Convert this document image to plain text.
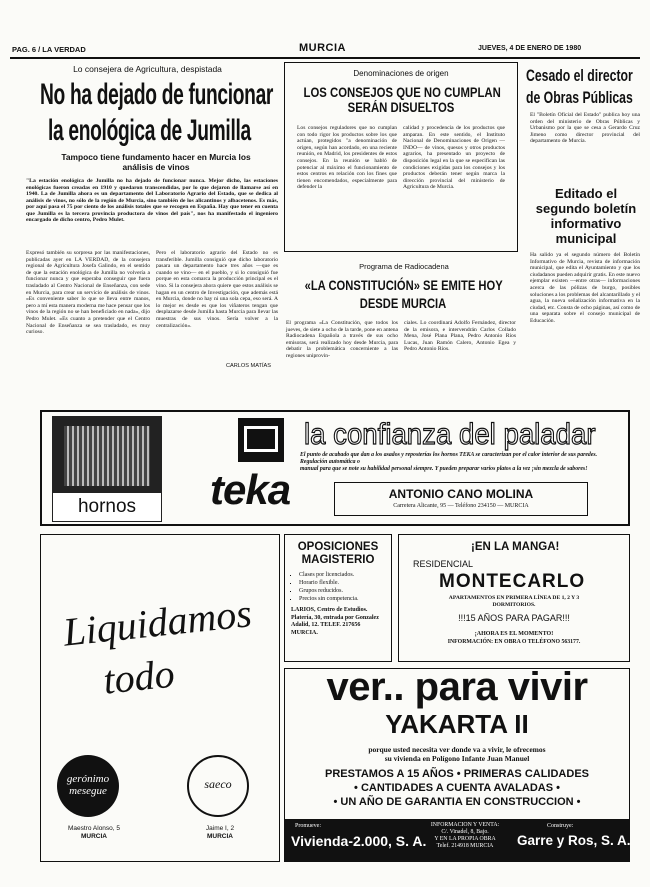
PAG. 6 / LA VERDAD	MURCIA	JUEVES, 4 DE ENERO DE 1980
Lo consejera de Agricultura, despistada
No ha dejado de funcionar
la enológica de Jumilla
Tampoco tiene fundamento hacer en Murcia los
análisis de vinos
"La estación enológica de Jumilla no ha dejado de funcionar nunca. Mejor dicho, las estaciones enológicas fueron creadas en 1910 y quedaron transcendidas, por lo que dejaron de llamarse así en 1940. La de Jumilla ahora es un departamento del Laboratorio Agrario del Estado, que se dedica al análisis de vinos, no sólo de la región de Murcia, sino también de los alicantinos y albacetenos. Es más, por aquí pasa el 75 por ciento de los análisis totales que se recogen en España. Hay que tener en cuenta que Jumilla es la tercera provincia productora de vinos del país", nos ha manifestado el ingeniero encargado de dicho centro, Pedro Mulet.
Expresó también su sorpresa por las manifestaciones, publicadas ayer en LA VERDAD, de la consejera regional de Agricultura Josefa Galindo, en el sentido de que la estación enológica de Jumilla no volvería a funcionar nunca y que esperaba conseguir que fuera trasladado al Centro Nacional de Enseñanza, con sede en Murcia, para crear un servicio de análisis de vinos. «Es conveniente saber lo que se lleva entre manos, pero a mí esta manera moderna me hace pensar que los vinos de la región no se han beneficiado en nada», dijo Pedro Mulet. «Es cuanto a pretender que el Centro Nacional de Enseñanza se sea trasladado, es muy curioso.
Pero el laboratorio agrario del Estado no es transferible. Jumilla consiguió que dicho laboratorio pasara un departamento hace tres años —que es cuando se vino— en el pueblo, y si lo consiguió fue porque en esta comarca la producción principal es el vino. Si la consejera ahora quiere que estos análisis se hagan en un centro de Investigación, que además está en Murcia, donde no hay ni una sola cepa, eso será. A lo mejor es desde es que los viñateros tengan que desplazarse desde Jumilla hasta Murcia para llevar las muestras de sus vinos. Sería volver a la centralización».
CARLOS MATÍAS
Denominaciones de origen
LOS CONSEJOS QUE NO CUMPLAN
SERÁN DISUELTOS
Los consejos reguladores que no cumplan con todo rigor los productos sobre los que actúan, protegidos "a denominación de origen, según han acordado, en una reciente reunión, en Madrid, los presidentes de estos consejos. En la reunión se habló de potenciar al máximo el funcionamiento de estos centros en relación con los fines que tienen encomendados, especialmente para defender la
calidad y procedencia de los productos que amparan. En este sentido, el Instituto Nacional de Denominaciones de Origen —INDO— de vinos, quesos y otros productos agrarios, ha presentado un proyecto de disposición legal en la que se especifican las condiciones exigidas para los consejos y los productos deberán tener según marca la dirección provincial del ministerio de Agricultura de Murcia.
Cesado el director
de Obras Públicas
El "Boletín Oficial del Estado" publica hoy una orden del ministerio de Obras Públicas y Urbanismo por la que se cesa a Gerardo Cruz Jimeno como director provincial del departamento de Murcia.
Editado el
segundo boletín
informativo
municipal
Ha salido ya el segundo número del Boletín Informativo de Murcia, revista de información municipal, que edita el Ayuntamiento y que los ciudadanos pueden adquirir gratis. En este nuevo ejemplar existen —entre otras— informaciones acerca de las pólizas de burgo, posibles soluciones a los problemas del alcantarillado y el agua, la nueva señalización informativa en la ciudad, etc. Consta de ocho páginas, así como de una separata sobre el consejo municipal de Educación.
Programa de Radiocadena
«LA CONSTITUCIÓN» SE EMITE HOY
DESDE MURCIA
El programa «La Constitución, que todos los jueves, de siete a ocho de la tarde, pone en antena Radiocadena Española a través de sus ocho emisoras, será realizado hoy desde Murcia, para debatir la problemática concerniente a las regiones uniprovin-
ciales. Lo coordinará Adolfo Fernández, director de la emisora, e intervendrán Carlos Collado Mena, José Plana Plana, Pedro Antonio Ríos Lucas, Juan Ramón Calero, Antonio Egea y Pedro Antonio Ríos.
hornos	teka
la confianza del paladar
El punto de acabado que dan a los asados y reposterías los hornos TEKA se caracterizan por el calor interior de sus paredes. Regulación automática o
manual para que se note su habilidad personal siempre. Y pueden preparar varios platos a la vez ¡sin mezcla de sabores!
ANTONIO CANO MOLINA
Carretera Alicante, 95 — Teléfono 234150 — MURCIA
Liquidamos
todo
gerónimo
mesegue
Maestro Alonso, 5
MURCIA
saeco
Jaime I, 2
MURCIA
OPOSICIONES
MAGISTERIO
▪ Clases por licenciados.
▪ Horario flexible.
▪ Grupos reducidos.
▪ Precios sin competencia.
LARIOS, Centro de Estudios. Platería, 30, entrada por Gonzalez Adalid, 12. TELEF. 217656 MURCIA.
¡EN LA MANGA!
RESIDENCIAL
MONTECARLO
APARTAMENTOS EN PRIMERA LÍNEA DE 1, 2 Y 3
DORMITORIOS.
!!!15 AÑOS PARA PAGAR!!!
¡AHORA ES EL MOMENTO!
INFORMACIÓN: EN OBRA O TELÉFONO 563177.
ver.. para vivir
YAKARTA II
porque usted necesita ver donde va a vivir, le ofrecemos
su vivienda en Polígono Infante Juan Manuel
PRESTAMOS A 15 AÑOS • PRIMERAS CALIDADES
• CANTIDADES A CUENTA AVALADAS •
• UN AÑO DE GARANTIA EN CONSTRUCCION •
Promueve:
Vivienda-2.000, S. A.
INFORMACION Y VENTA:
C/. Vinadel, 8, Bajo.
Y EN LA PROPIA OBRA
Telef. 214918 MURCIA
Construye:
Garre y Ros, S. A.
